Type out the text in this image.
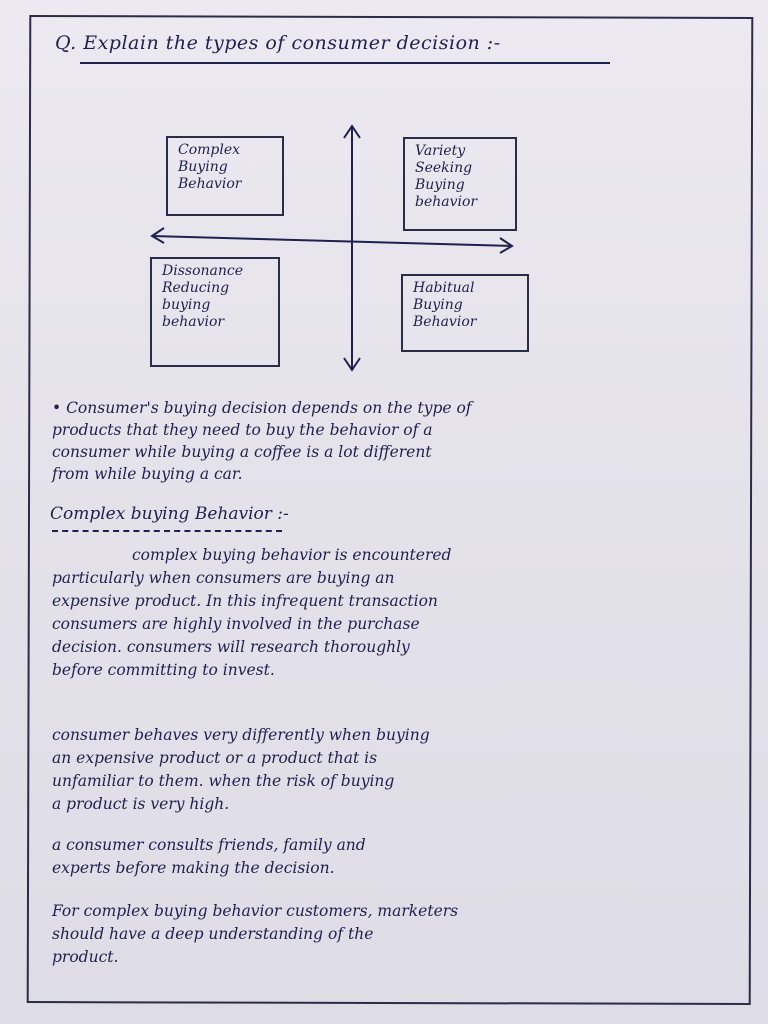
Q. Explain the types of consumer decision :-
Complex
Buying
Behavior
Variety
Seeking
Buying
behavior
Dissonance
Reducing
buying
behavior
Habitual
Buying
Behavior
• Consumer's buying decision depends on the type of
products that they need to buy the behavior of a
consumer while buying a coffee is a lot different
from while buying a car.
Complex buying Behavior :-
complex buying behavior is encountered
particularly when consumers are buying an
expensive product. In this infrequent transaction
consumers are highly involved in the purchase
decision. consumers will research thoroughly
before committing to invest.
consumer behaves very differently when buying
an expensive product or a product that is
unfamiliar to them. when the risk of buying
a product is very high.
a consumer consults friends, family and
experts before making the decision.
For complex buying behavior customers, marketers
should have a deep understanding of the
product.
